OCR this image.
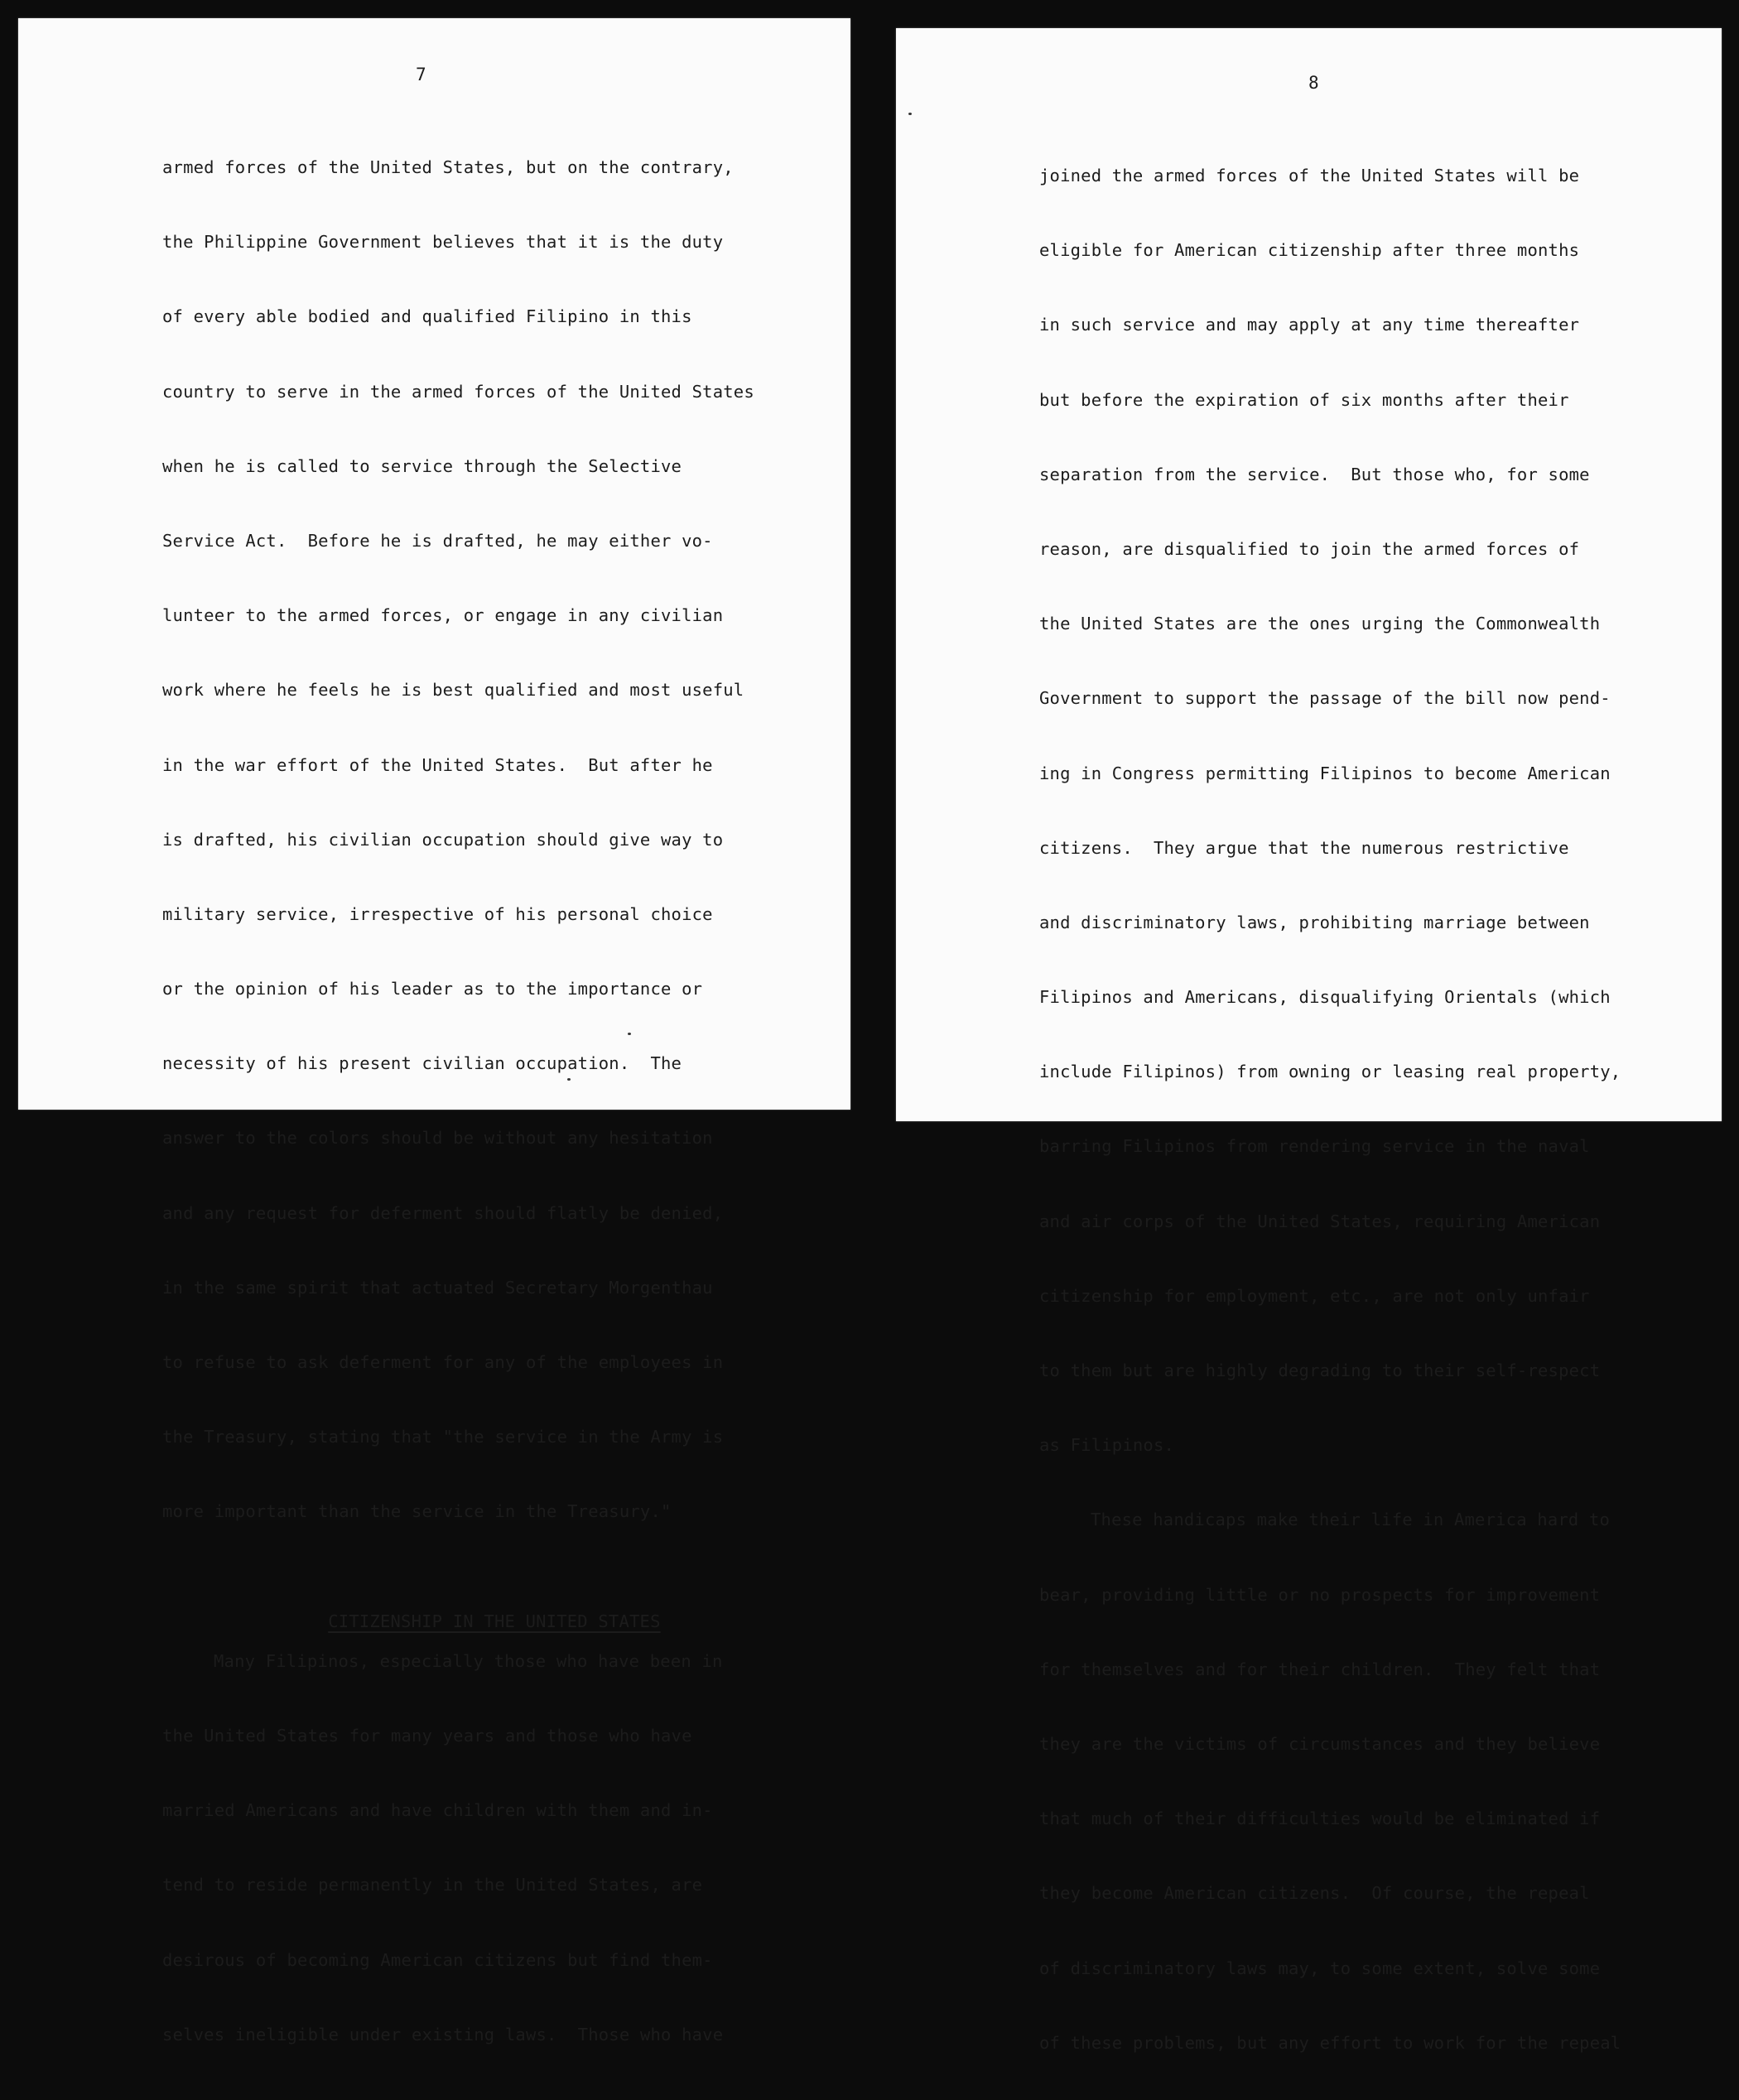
7

armed forces of the United States, but on the contrary,

the Philippine Government believes that it is the duty

of every able bodied and qualified Filipino in this

country to serve in the armed forces of the United States

when he is called to service through the Selective

Service Act.  Before he is drafted, he may either vo-

lunteer to the armed forces, or engage in any civilian

work where he feels he is best qualified and most useful

in the war effort of the United States.  But after he

is drafted, his civilian occupation should give way to

military service, irrespective of his personal choice

or the opinion of his leader as to the importance or

necessity of his present civilian occupation.  The

answer to the colors should be without any hesitation

and any request for deferment should flatly be denied,

in the same spirit that actuated Secretary Morgenthau

to refuse to ask deferment for any of the employees in

the Treasury, stating that "the service in the Army is

more important than the service in the Treasury."

CITIZENSHIP IN THE UNITED STATES

Many Filipinos, especially those who have been in

the United States for many years and those who have

married Americans and have children with them and in-

tend to reside permanently in the United States, are

desirous of becoming American citizens but find them-

selves ineligible under existing laws.  Those who have

8

joined the armed forces of the United States will be

eligible for American citizenship after three months

in such service and may apply at any time thereafter

but before the expiration of six months after their

separation from the service.  But those who, for some

reason, are disqualified to join the armed forces of

the United States are the ones urging the Commonwealth

Government to support the passage of the bill now pend-

ing in Congress permitting Filipinos to become American

citizens.  They argue that the numerous restrictive

and discriminatory laws, prohibiting marriage between

Filipinos and Americans, disqualifying Orientals (which

include Filipinos) from owning or leasing real property,

barring Filipinos from rendering service in the naval

and air corps of the United States, requiring American

citizenship for employment, etc., are not only unfair

to them but are highly degrading to their self-respect

as Filipinos.

These handicaps make their life in America hard to

bear, providing little or no prospects for improvement

for themselves and for their children.  They felt that

they are the victims of circumstances and they believe

that much of their difficulties would be eliminated if

they become American citizens.  Of course, the repeal

of discriminatory laws may, to some extent, solve some

of these problems, but any effort to work for the repeal
